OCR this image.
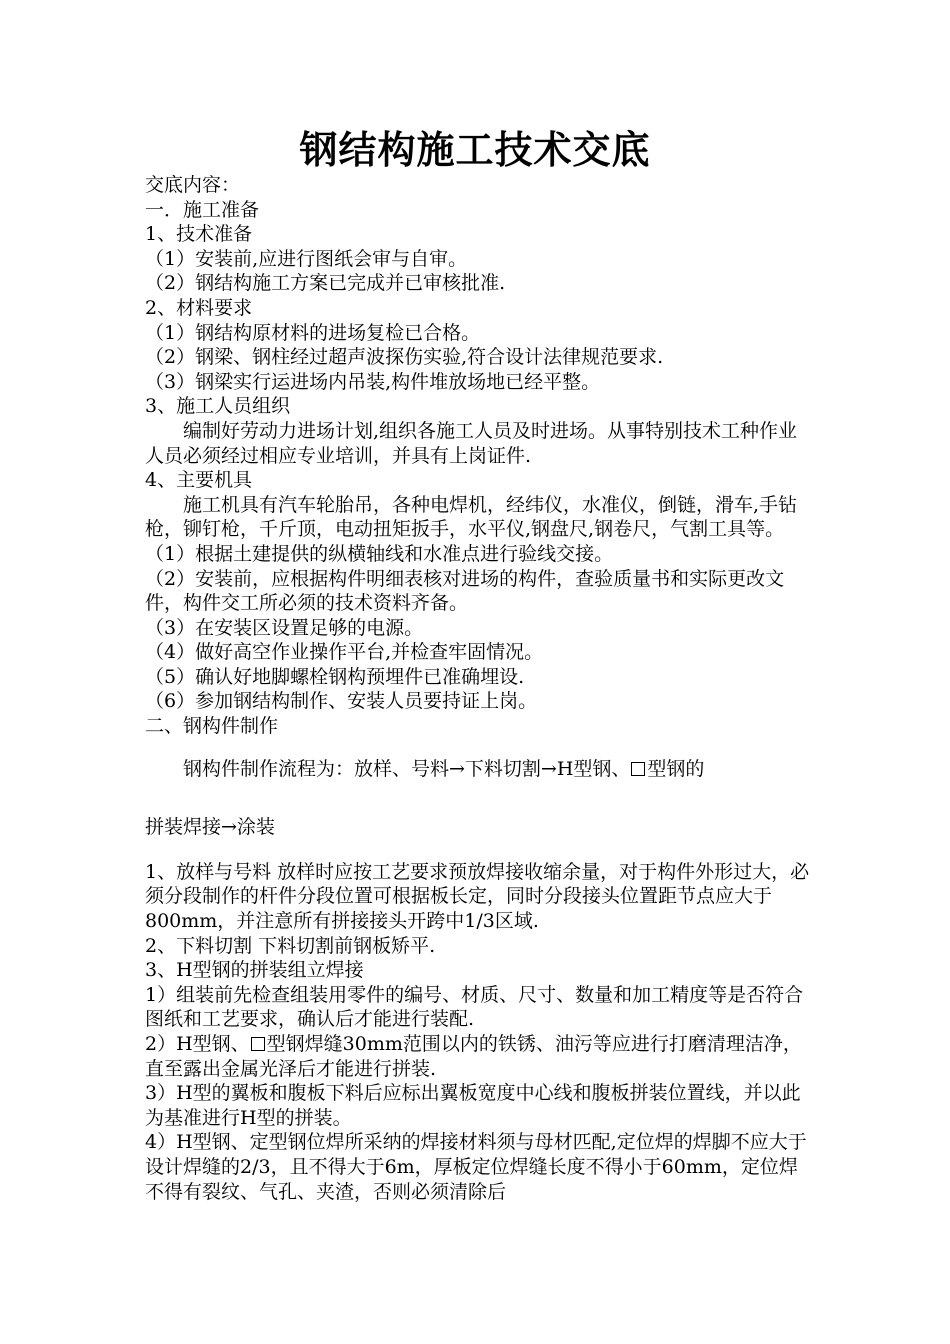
钢结构施工技术交底

交底内容：

一．施工准备

1、技术准备

（1）安装前,应进行图纸会审与自审。

（2）钢结构施工方案已完成并已审核批准.

2、材料要求

（1）钢结构原材料的进场复检已合格。

（2）钢梁、钢柱经过超声波探伤实验,符合设计法律规范要求.

（3）钢梁实行运进场内吊装,构件堆放场地已经平整。

3、施工人员组织

编制好劳动力进场计划,组织各施工人员及时进场。从事特别技术工种作业人员必须经过相应专业培训，并具有上岗证件.

4、主要机具

施工机具有汽车轮胎吊，各种电焊机，经纬仪，水准仪，倒链，滑车,手钻枪，铆钉枪，千斤顶，电动扭矩扳手，水平仪,钢盘尺,钢卷尺，气割工具等。

（1）根据土建提供的纵横轴线和水准点进行验线交接。

（2）安装前，应根据构件明细表核对进场的构件，查验质量书和实际更改文件，构件交工所必须的技术资料齐备。

（3）在安装区设置足够的电源。

（4）做好高空作业操作平台,并检查牢固情况。

（5）确认好地脚螺栓钢构预埋件已准确埋设.

（6）参加钢结构制作、安装人员要持证上岗。

二、钢构件制作

钢构件制作流程为：放样、号料→下料切割→H型钢、 型钢的

拼装焊接→涂装

1、放样与号料 放样时应按工艺要求预放焊接收缩余量，对于构件外形过大，必须分段制作的杆件分段位置可根据板长定，同时分段接头位置距节点应大于800mm，并注意所有拼接接头开跨中1/3区域.

2、下料切割 下料切割前钢板矫平.

3、H型钢的拼装组立焊接

1）组装前先检查组装用零件的编号、材质、尺寸、数量和加工精度等是否符合图纸和工艺要求，确认后才能进行装配.

2）H型钢、 型钢焊缝30mm范围以内的铁锈、油污等应进行打磨清理洁净，直至露出金属光泽后才能进行拼装.

3）H型的翼板和腹板下料后应标出翼板宽度中心线和腹板拼装位置线，并以此为基准进行H型的拼装。

4）H型钢、定型钢位焊所采纳的焊接材料须与母材匹配,定位焊的焊脚不应大于设计焊缝的2/3，且不得大于6m，厚板定位焊缝长度不得小于60mm，定位焊不得有裂纹、气孔、夹渣，否则必须清除后
